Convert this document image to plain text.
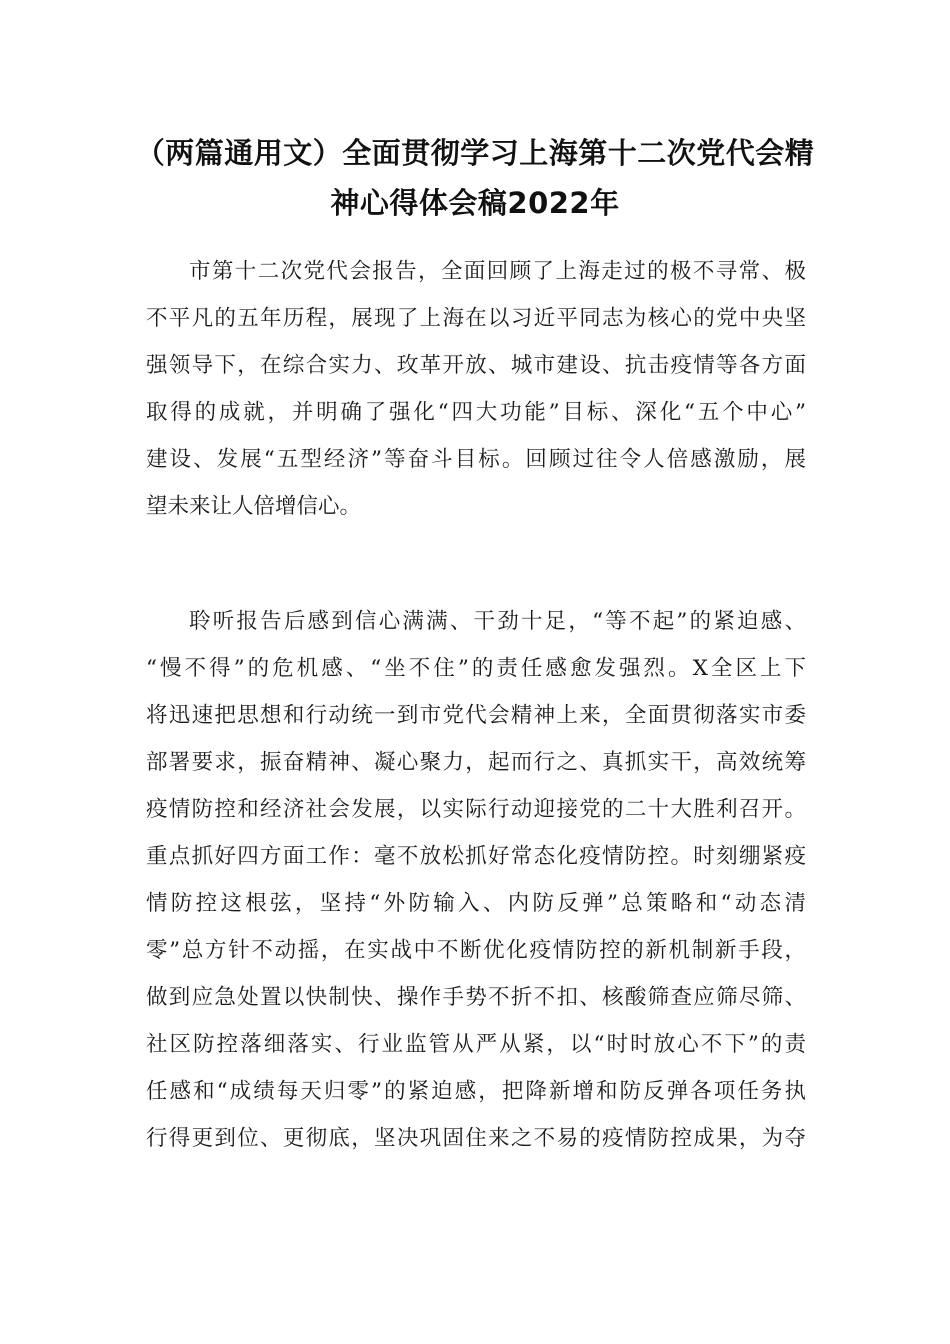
（两篇通用文）全面贯彻学习上海第十二次党代会精
神心得体会稿2022年
市第十二次党代会报告，全面回顾了上海走过的极不寻常、极
不平凡的五年历程，展现了上海在以习近平同志为核心的党中央坚
强领导下，在综合实力、玫革开放、城市建设、抗击疫情等各方面
取得的成就，并明确了强化“四大功能”目标、深化“五个中心”
建设、发展“五型经济”等奋斗目标。回顾过往令人倍感激励，展
望未来让人倍增信心。
聆听报告后感到信心满满、干劲十足，“等不起”的紧迫感、
“慢不得”的危机感、“坐不住”的责任感愈发强烈。X全区上下
将迅速把思想和行动统一到市党代会精神上来，全面贯彻落实市委
部署要求，振奋精神、凝心聚力，起而行之、真抓实干，高效统筹
疫情防控和经济社会发展，以实际行动迎接党的二十大胜利召开。
重点抓好四方面工作：毫不放松抓好常态化疫情防控。时刻绷紧疫
情防控这根弦，坚持“外防输入、内防反弹”总策略和“动态清
零”总方针不动摇，在实战中不断优化疫情防控的新机制新手段，
做到应急处置以快制快、操作手势不折不扣、核酸筛查应筛尽筛、
社区防控落细落实、行业监管从严从紧，以“时时放心不下”的责
任感和“成绩每天归零”的紧迫感，把降新增和防反弹各项任务执
行得更到位、更彻底，坚决巩固住来之不易的疫情防控成果，为夺
